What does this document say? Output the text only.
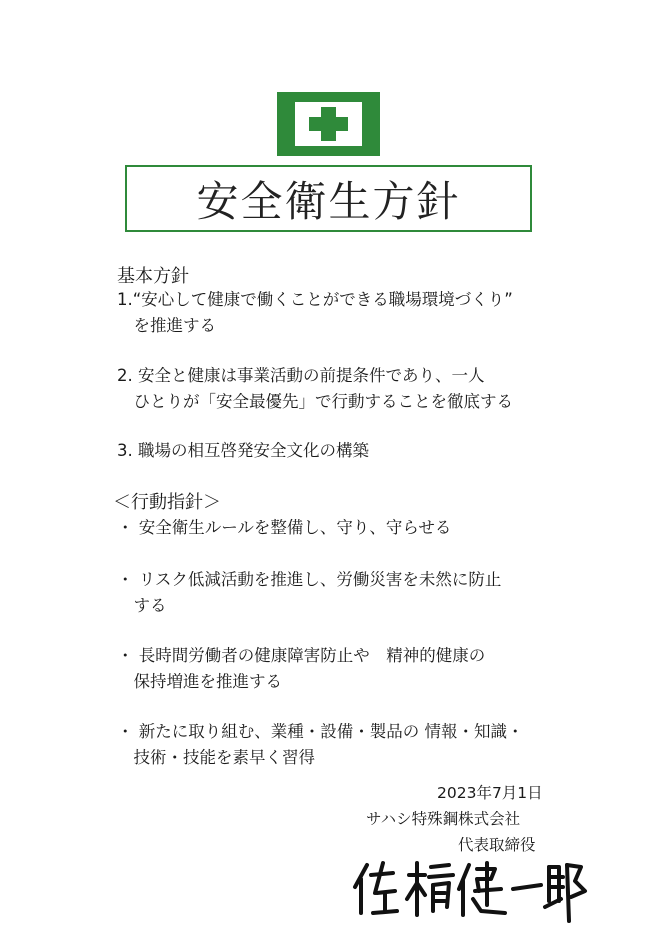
安全衛生方針
基本方針
1.“安心して健康で働くことができる職場環境づくり”
　を推進する
2. 安全と健康は事業活動の前提条件であり、一人
　ひとりが「安全最優先」で行動することを徹底する
3. 職場の相互啓発安全文化の構築
＜行動指針＞
・ 安全衛生ルールを整備し、守り、守らせる
・ リスク低減活動を推進し、労働災害を未然に防止
　する
・ 長時間労働者の健康障害防止や　精神的健康の
　保持増進を推進する
・ 新たに取り組む、業種・設備・製品の 情報・知識・
　技術・技能を素早く習得
2023年7月1日
サハシ特殊鋼株式会社
代表取締役
